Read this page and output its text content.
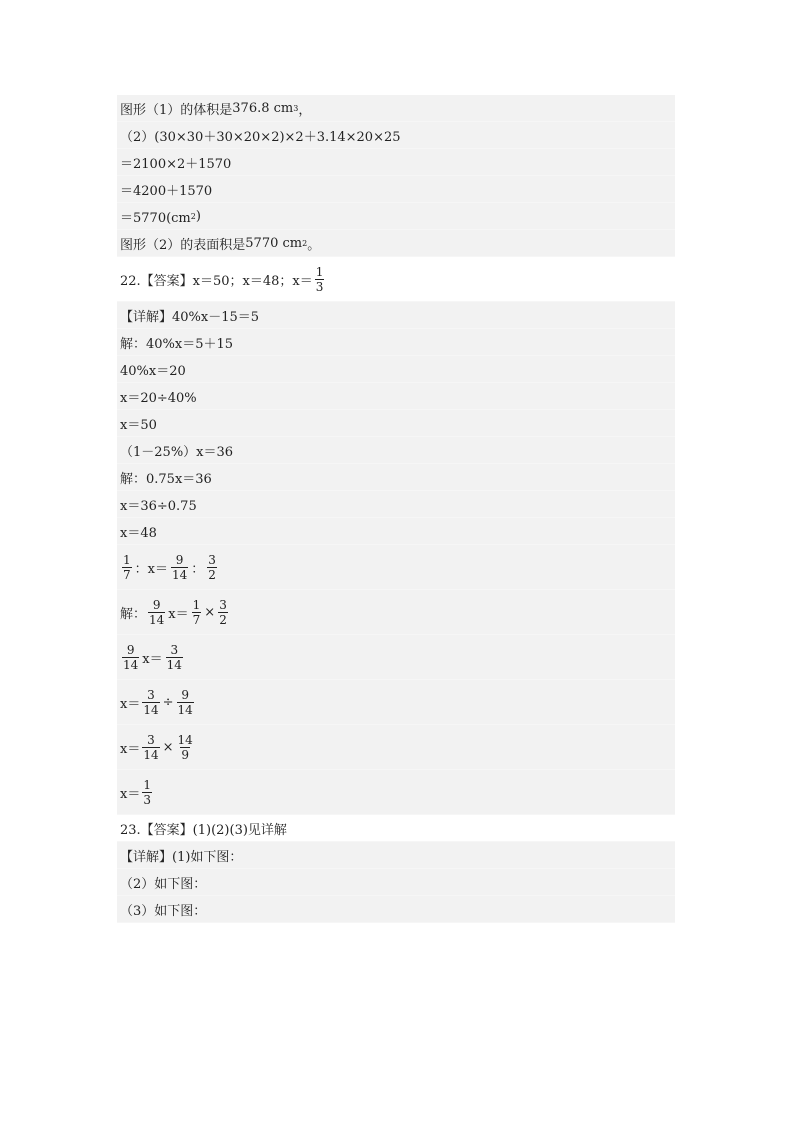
图形（1）的体积是 376.8 cm 3 ，
（2）(30×30＋30×20×2)×2＋3.14×20×25
＝2100×2＋1570
＝4200＋1570
＝5770(cm 2 )
图形（2）的表面积是 5770 cm 2 。
22.【答案】x＝50；x＝48；$x= \frac{1}{3}$
【详解】40%x－15＝5
解：40%x＝5＋15
40%x＝20
x＝20÷40%
x＝50
（1－25%）x＝36
解：0.75x＝36
x＝36÷0.75
x＝48
$\frac{1}{7}$ ：$x= \frac{9}{14}$ ： $\frac{3}{2}$
解： $\frac{9}{14} x= \frac{1}{7} \times \frac{3}{2}$
$\frac{9}{14} x= \frac{3}{14}$
$x= \frac{3}{14} \div \frac{9}{14}$
$x= \frac{3}{14} \times \frac{14}{9}$
$x= \frac{1}{3}$
23.【答案】(1)(2)(3)见详解
【详解】(1)如下图：
（2）如下图：
（3）如下图：
